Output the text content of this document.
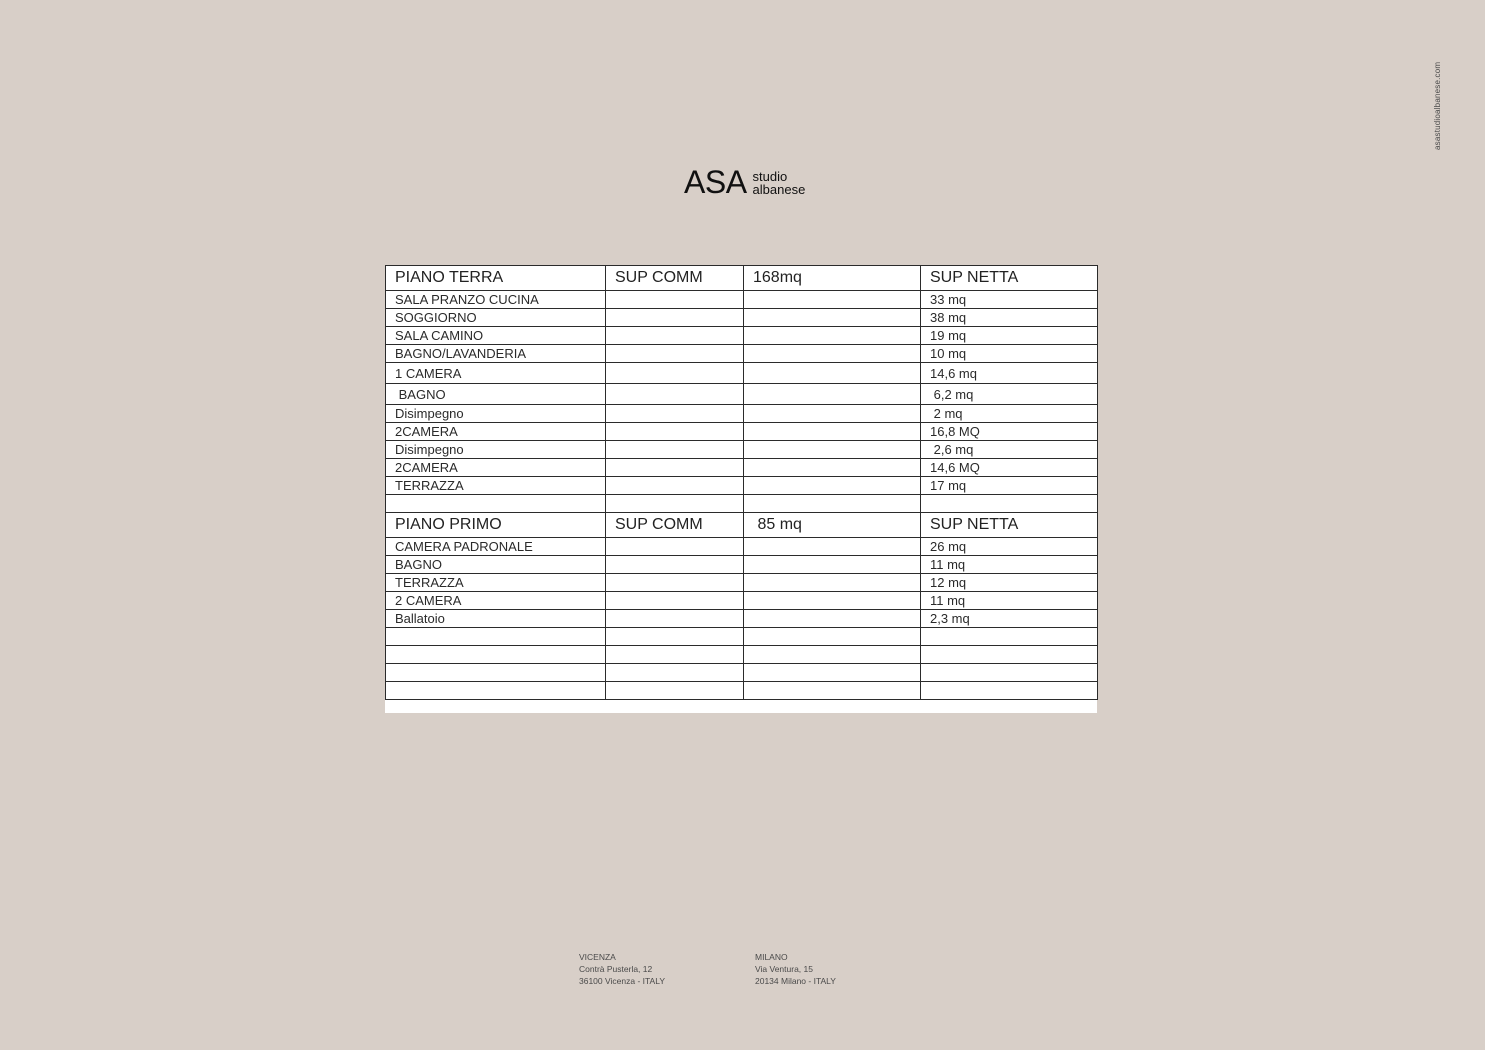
asastudioalbanese.com
ASA studio
albanese
PIANO TERRA	SUP COMM	168mq	SUP NETTA
SALA PRANZO CUCINA			33 mq
SOGGIORNO			38 mq
SALA CAMINO			19 mq
BAGNO/LAVANDERIA			10 mq
1 CAMERA			14,6 mq
BAGNO			6,2 mq
Disimpegno			2 mq
2CAMERA			16,8 MQ
Disimpegno			2,6 mq
2CAMERA			14,6 MQ
TERRAZZA			17 mq

PIANO PRIMO	SUP COMM	85 mq	SUP NETTA
CAMERA PADRONALE			26 mq
BAGNO			11 mq
TERRAZZA			12 mq
2 CAMERA			11 mq
Ballatoio			2,3 mq

VICENZA
Contrà Pusterla, 12
36100 Vicenza - ITALY
MILANO
Via Ventura, 15
20134 Milano - ITALY
